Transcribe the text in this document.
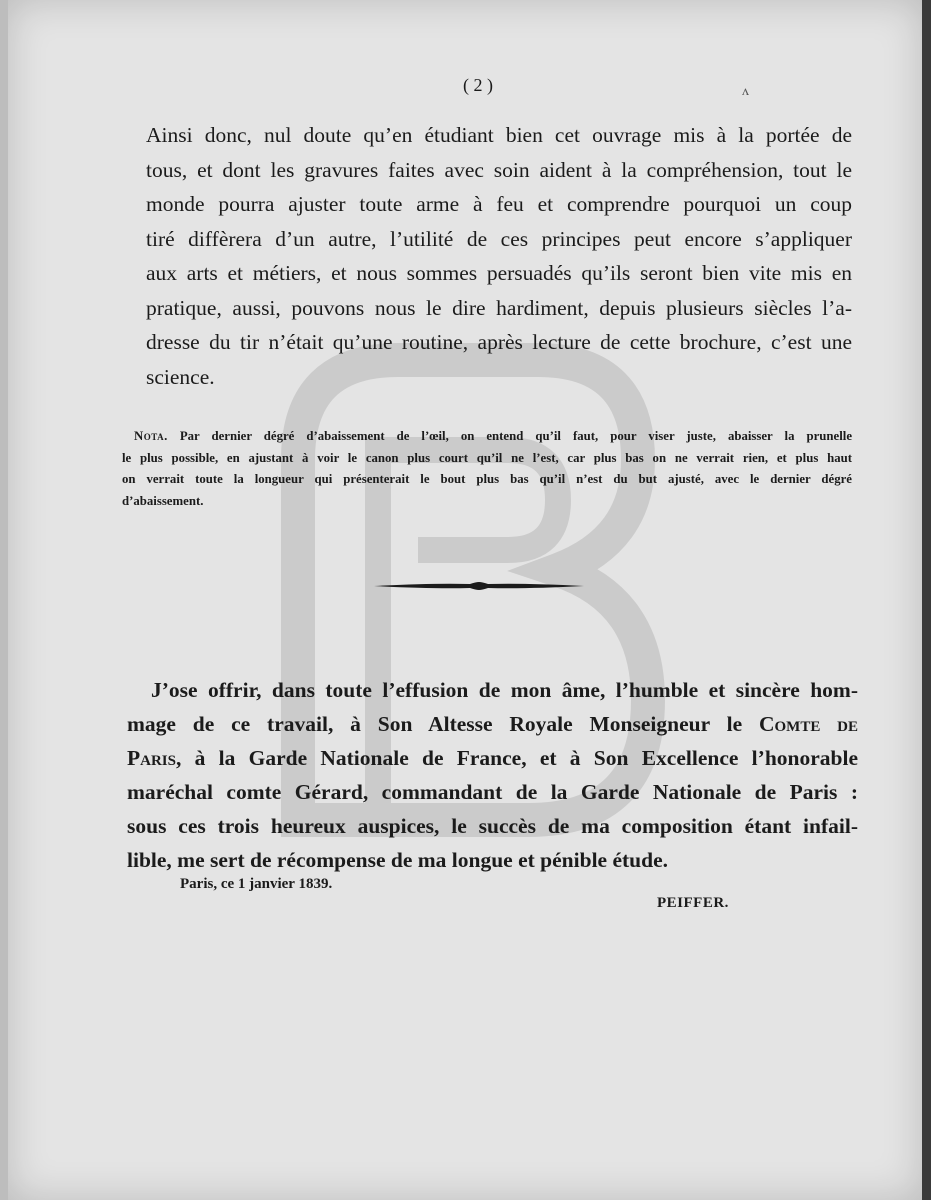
( 2 )	ʌ
Ainsi donc, nul doute qu’en étudiant bien cet ouvrage mis à la portée de
tous, et dont les gravures faites avec soin aident à la compréhension, tout le
monde pourra ajuster toute arme à feu et comprendre pourquoi un coup
tiré diffèrera d’un autre, l’utilité de ces principes peut encore s’appliquer
aux arts et métiers, et nous sommes persuadés qu’ils seront bien vite mis en
pratique, aussi, pouvons nous le dire hardiment, depuis plusieurs siècles l’a-
dresse du tir n’était qu’une routine, après lecture de cette brochure, c’est une
science.
Nota. Par dernier dégré d’abaissement de l’œil, on entend qu’il faut, pour viser juste, abaisser la prunelle
le plus possible, en ajustant à voir le canon plus court qu’il ne l’est, car plus bas on ne verrait rien, et plus haut
on verrait toute la longueur qui présenterait le bout plus bas qu’il n’est du but ajusté, avec le dernier dégré
d’abaissement.
J’ose offrir, dans toute l’effusion de mon âme, l’humble et sincère hom-
mage de ce travail, à Son Altesse Royale Monseigneur le Comte de
Paris, à la Garde Nationale de France, et à Son Excellence l’honorable
maréchal comte Gérard, commandant de la Garde Nationale de Paris :
sous ces trois heureux auspices, le succès de ma composition étant infail-
lible, me sert de récompense de ma longue et pénible étude.
Paris, ce 1 janvier 1839.
PEIFFER.
